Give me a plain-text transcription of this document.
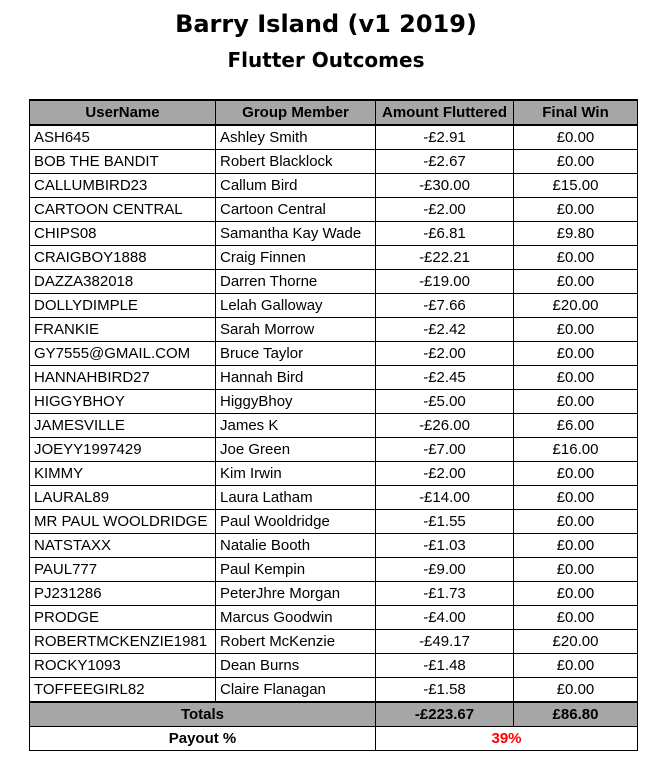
Barry Island (v1 2019)
Flutter Outcomes
UserName	Group Member	Amount Fluttered	Final Win
ASH645	Ashley Smith	-£2.91	£0.00
BOB THE BANDIT	Robert Blacklock	-£2.67	£0.00
CALLUMBIRD23	Callum Bird	-£30.00	£15.00
CARTOON CENTRAL	Cartoon Central	-£2.00	£0.00
CHIPS08	Samantha Kay Wade	-£6.81	£9.80
CRAIGBOY1888	Craig Finnen	-£22.21	£0.00
DAZZA382018	Darren Thorne	-£19.00	£0.00
DOLLYDIMPLE	Lelah Galloway	-£7.66	£20.00
FRANKIE	Sarah Morrow	-£2.42	£0.00
GY7555@GMAIL.COM	Bruce Taylor	-£2.00	£0.00
HANNAHBIRD27	Hannah Bird	-£2.45	£0.00
HIGGYBHOY	HiggyBhoy	-£5.00	£0.00
JAMESVILLE	James K	-£26.00	£6.00
JOEYY1997429	Joe Green	-£7.00	£16.00
KIMMY	Kim Irwin	-£2.00	£0.00
LAURAL89	Laura Latham	-£14.00	£0.00
MR PAUL WOOLDRIDGE	Paul Wooldridge	-£1.55	£0.00
NATSTAXX	Natalie Booth	-£1.03	£0.00
PAUL777	Paul Kempin	-£9.00	£0.00
PJ231286	PeterJhre Morgan	-£1.73	£0.00
PRODGE	Marcus Goodwin	-£4.00	£0.00
ROBERTMCKENZIE1981	Robert McKenzie	-£49.17	£20.00
ROCKY1093	Dean Burns	-£1.48	£0.00
TOFFEEGIRL82	Claire Flanagan	-£1.58	£0.00
Totals		-£223.67	£86.80
Payout %		39%	
